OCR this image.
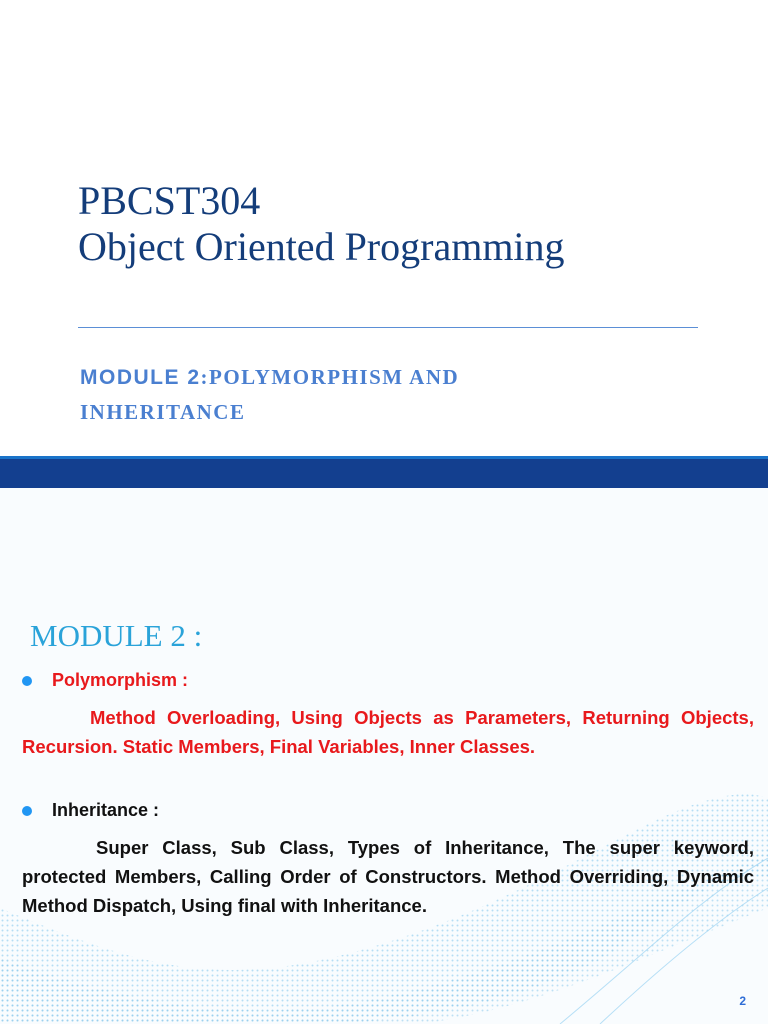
PBCST304
Object Oriented Programming
MODULE 2:POLYMORPHISM AND
INHERITANCE
MODULE 2 :
Polymorphism :
Method Overloading, Using Objects as Parameters, Returning Objects, Recursion. Static Members, Final Variables, Inner Classes.
Inheritance :
Super Class, Sub Class, Types of Inheritance, The super keyword, protected Members, Calling Order of Constructors. Method Overriding, Dynamic Method Dispatch, Using final with Inheritance.
2
